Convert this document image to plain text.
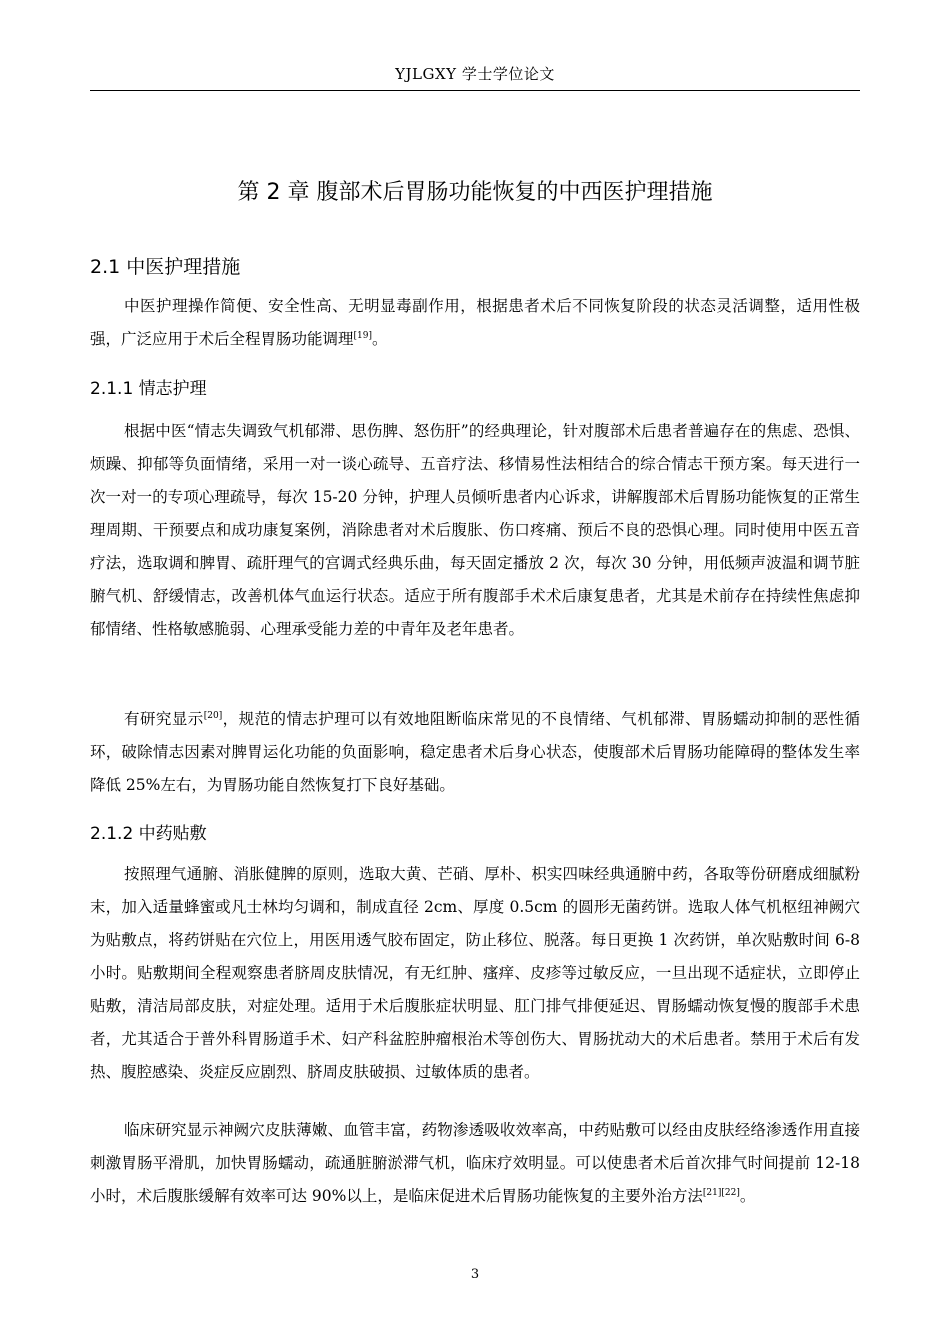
YJLGXY 学士学位论文
第 2 章 腹部术后胃肠功能恢复的中西医护理措施
2.1 中医护理措施

中医护理操作简便、安全性高、无明显毒副作用，根据患者术后不同恢复阶段的状态灵活调整，适用性极强，广泛应用于术后全程胃肠功能调理[19]。

2.1.1 情志护理

根据中医“情志失调致气机郁滞、思伤脾、怒伤肝”的经典理论，针对腹部术后患者普遍存在的焦虑、恐惧、烦躁、抑郁等负面情绪，采用一对一谈心疏导、五音疗法、移情易性法相结合的综合情志干预方案。每天进行一次一对一的专项心理疏导，每次 15-20 分钟，护理人员倾听患者内心诉求，讲解腹部术后胃肠功能恢复的正常生理周期、干预要点和成功康复案例，消除患者对术后腹胀、伤口疼痛、预后不良的恐惧心理。同时使用中医五音疗法，选取调和脾胃、疏肝理气的宫调式经典乐曲，每天固定播放 2 次，每次 30 分钟，用低频声波温和调节脏腑气机、舒缓情志，改善机体气血运行状态。适应于所有腹部手术术后康复患者，尤其是术前存在持续性焦虑抑郁情绪、性格敏感脆弱、心理承受能力差的中青年及老年患者。

有研究显示[20]，规范的情志护理可以有效地阻断临床常见的不良情绪、气机郁滞、胃肠蠕动抑制的恶性循环，破除情志因素对脾胃运化功能的负面影响，稳定患者术后身心状态，使腹部术后胃肠功能障碍的整体发生率降低 25%左右，为胃肠功能自然恢复打下良好基础。

2.1.2 中药贴敷

按照理气通腑、消胀健脾的原则，选取大黄、芒硝、厚朴、枳实四味经典通腑中药，各取等份研磨成细腻粉末，加入适量蜂蜜或凡士林均匀调和，制成直径 2cm、厚度 0.5cm 的圆形无菌药饼。选取人体气机枢纽神阙穴为贴敷点，将药饼贴在穴位上，用医用透气胶布固定，防止移位、脱落。每日更换 1 次药饼，单次贴敷时间 6-8 小时。贴敷期间全程观察患者脐周皮肤情况，有无红肿、瘙痒、皮疹等过敏反应，一旦出现不适症状，立即停止贴敷，清洁局部皮肤，对症处理。适用于术后腹胀症状明显、肛门排气排便延迟、胃肠蠕动恢复慢的腹部手术患者，尤其适合于普外科胃肠道手术、妇产科盆腔肿瘤根治术等创伤大、胃肠扰动大的术后患者。禁用于术后有发热、腹腔感染、炎症反应剧烈、脐周皮肤破损、过敏体质的患者。

临床研究显示神阙穴皮肤薄嫩、血管丰富，药物渗透吸收效率高，中药贴敷可以经由皮肤经络渗透作用直接刺激胃肠平滑肌，加快胃肠蠕动，疏通脏腑淤滞气机，临床疗效明显。可以使患者术后首次排气时间提前 12-18 小时，术后腹胀缓解有效率可达 90%以上，是临床促进术后胃肠功能恢复的主要外治方法[21][22]。

3
